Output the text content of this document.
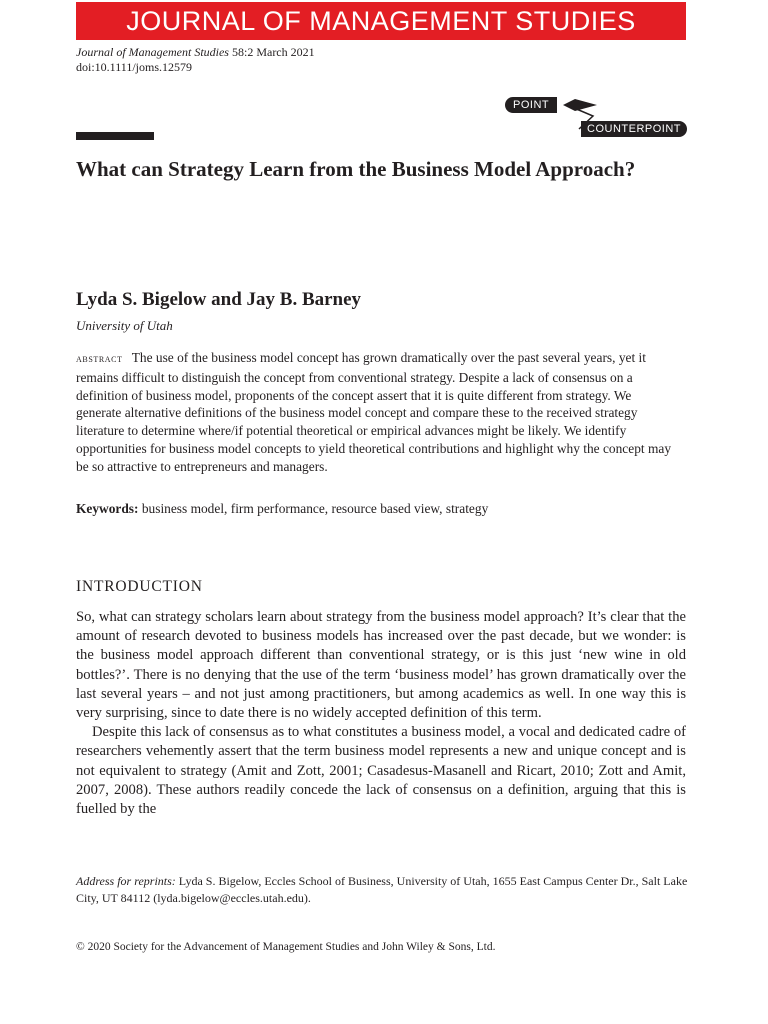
JOURNAL OF MANAGEMENT STUDIES
Journal of Management Studies 58:2 March 2021
doi:10.1111/joms.12579
POINT
COUNTERPOINT
What can Strategy Learn from the Business Model Approach?
Lyda S. Bigelow and Jay B. Barney
University of Utah

abstract The use of the business model concept has grown dramatically over the past several years, yet it remains difficult to distinguish the concept from conventional strategy. Despite a lack of consensus on a definition of business model, proponents of the concept assert that it is quite different from strategy. We generate alternative definitions of the business model concept and compare these to the received strategy literature to determine where/if potential theoretical or empirical advances might be likely. We identify opportunities for business model concepts to yield theoretical contributions and highlight why the concept may be so attractive to entrepreneurs and managers.

Keywords: business model, firm performance, resource based view, strategy
INTRODUCTION

So, what can strategy scholars learn about strategy from the business model approach? It’s clear that the amount of research devoted to business models has increased over the past decade, but we wonder: is the business model approach different than conventional strategy, or is this just ‘new wine in old bottles?’. There is no denying that the use of the term ‘business model’ has grown dramatically over the last several years – and not just among practitioners, but among academics as well. In one way this is very surprising, since to date there is no widely accepted definition of this term.

Despite this lack of consensus as to what constitutes a business model, a vocal and dedicated cadre of researchers vehemently assert that the term business model represents a new and unique concept and is not equivalent to strategy (Amit and Zott, 2001; Casadesus-Masanell and Ricart, 2010; Zott and Amit, 2007, 2008). These authors readily concede the lack of consensus on a definition, arguing that this is fuelled by the

Address for reprints: Lyda S. Bigelow, Eccles School of Business, University of Utah, 1655 East Campus Center Dr., Salt Lake City, UT 84112 (lyda.bigelow@eccles.utah.edu).
© 2020 Society for the Advancement of Management Studies and John Wiley & Sons, Ltd.
